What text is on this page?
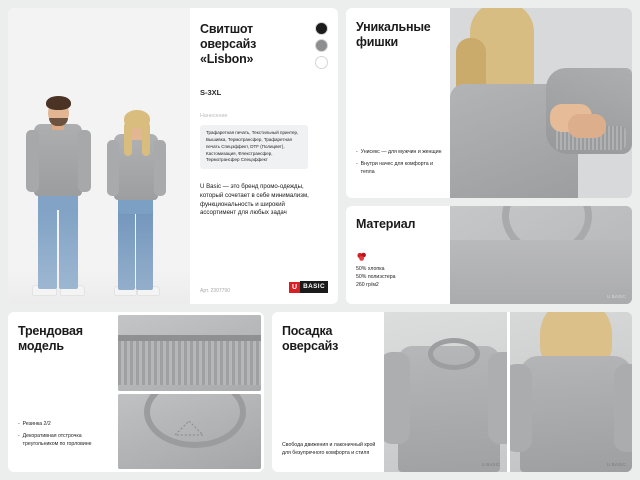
Свитшот оверсайз «Lisbon»
S-3XL
Нанесение
Трафаретная печать, Текстильный принтер, Вышивка, Термотрансфер, Трафаретная печать Спецэффект, DTF (Полицвет), Кастомизация, Флекстрансфер, Термотрансфер Спецэффект
U Basic — это бренд промо-одежды, который сочетает в себе минимализм, функциональность и широкий ассортимент для любых задач
Арт. 2307790
U BASIC
Уникальные фишки
- Унисекс — для мужчин и женщин
- Внутри начес для комфорта и тепла
Материал
50% хлопка
50% полиэстера
260 гр/м2
U BASIC
Трендовая модель
- Резинка 2/2
- Декоративная отстрочка треугольником по горловине
Посадка оверсайз
Свобода движения и лаконичный крой для безупречного комфорта и стиля
U BASIC	U BASIC
